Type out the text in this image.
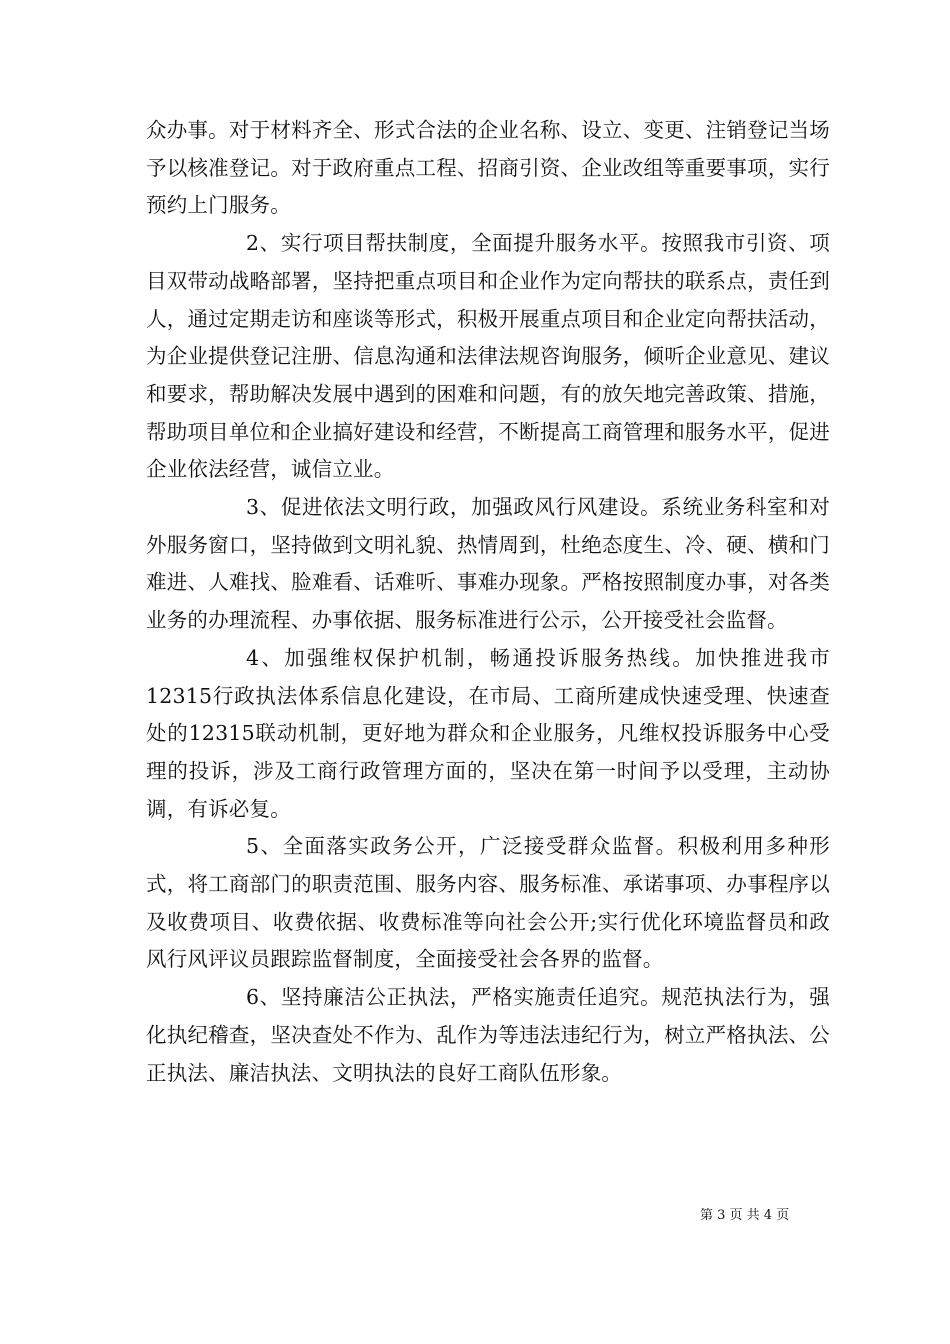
众办事。对于材料齐全、形式合法的企业名称、设立、变更、注销登记当场予以核准登记。对于政府重点工程、招商引资、企业改组等重要事项，实行预约上门服务。

2、实行项目帮扶制度，全面提升服务水平。按照我市引资、项目双带动战略部署，坚持把重点项目和企业作为定向帮扶的联系点，责任到人，通过定期走访和座谈等形式，积极开展重点项目和企业定向帮扶活动，为企业提供登记注册、信息沟通和法律法规咨询服务，倾听企业意见、建议和要求，帮助解决发展中遇到的困难和问题，有的放矢地完善政策、措施，帮助项目单位和企业搞好建设和经营，不断提高工商管理和服务水平，促进企业依法经营，诚信立业。

3、促进依法文明行政，加强政风行风建设。系统业务科室和对外服务窗口，坚持做到文明礼貌、热情周到，杜绝态度生、冷、硬、横和门难进、人难找、脸难看、话难听、事难办现象。严格按照制度办事，对各类业务的办理流程、办事依据、服务标准进行公示，公开接受社会监督。

4、加强维权保护机制，畅通投诉服务热线。加快推进我市12315行政执法体系信息化建设，在市局、工商所建成快速受理、快速查处的12315联动机制，更好地为群众和企业服务，凡维权投诉服务中心受理的投诉，涉及工商行政管理方面的，坚决在第一时间予以受理，主动协调，有诉必复。

5、全面落实政务公开，广泛接受群众监督。积极利用多种形式，将工商部门的职责范围、服务内容、服务标准、承诺事项、办事程序以及收费项目、收费依据、收费标准等向社会公开;实行优化环境监督员和政风行风评议员跟踪监督制度，全面接受社会各界的监督。

6、坚持廉洁公正执法，严格实施责任追究。规范执法行为，强化执纪稽查，坚决查处不作为、乱作为等违法违纪行为，树立严格执法、公正执法、廉洁执法、文明执法的良好工商队伍形象。

第 3 页 共 4 页
